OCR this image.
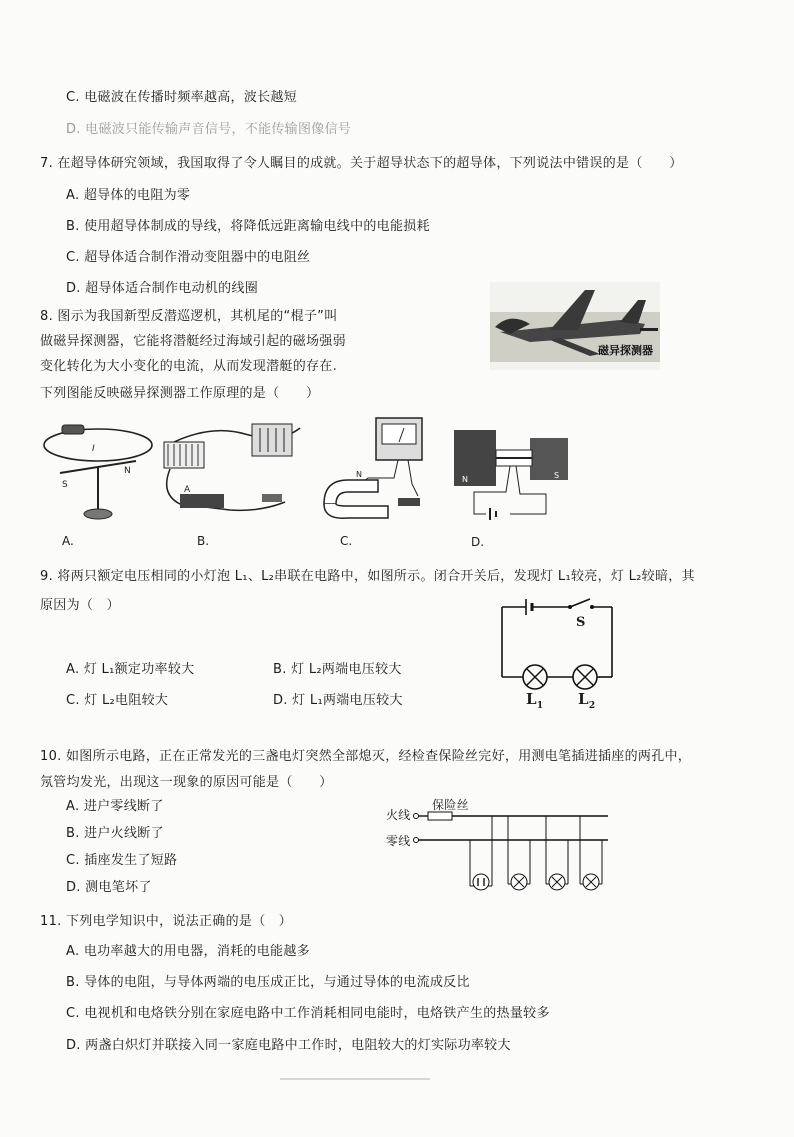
C. 电磁波在传播时频率越高，波长越短
D. 电磁波只能传输声音信号，不能传输图像信号
7. 在超导体研究领域，我国取得了令人瞩目的成就。关于超导状态下的超导体，下列说法中错误的是（　　）
A. 超导体的电阻为零
B. 使用超导体制成的导线，将降低远距离输电线中的电能损耗
C. 超导体适合制作滑动变阻器中的电阻丝
D. 超导体适合制作电动机的线圈
8. 图示为我国新型反潜巡逻机，其机尾的“棍子”叫
做磁异探测器，它能将潜艇经过海域引起的磁场强弱
变化转化为大小变化的电流，从而发现潜艇的存在.
下列图能反映磁异探测器工作原理的是（　　）
磁异探测器
I
S
N
A
N
N	S
A.	B.	C.	D.
9. 将两只额定电压相同的小灯泡 L₁、L₂串联在电路中，如图所示。闭合开关后，发现灯 L₁较亮，灯 L₂较暗，其
原因为（　）
A. 灯 L₁额定功率较大	B. 灯 L₂两端电压较大
C. 灯 L₂电阻较大	D. 灯 L₁两端电压较大
S
$L_1$ $L_2$
10. 如图所示电路，正在正常发光的三盏电灯突然全部熄灭，经检查保险丝完好，用测电笔插进插座的两孔中，
氖管均发光，出现这一现象的原因可能是（　　）
A. 进户零线断了
B. 进户火线断了
C. 插座发生了短路
D. 测电笔坏了
火线
零线
保险丝
11. 下列电学知识中，说法正确的是（　）
A. 电功率越大的用电器，消耗的电能越多
B. 导体的电阻，与导体两端的电压成正比，与通过导体的电流成反比
C. 电视机和电烙铁分别在家庭电路中工作消耗相同电能时，电烙铁产生的热量较多
D. 两盏白炽灯并联接入同一家庭电路中工作时，电阻较大的灯实际功率较大
